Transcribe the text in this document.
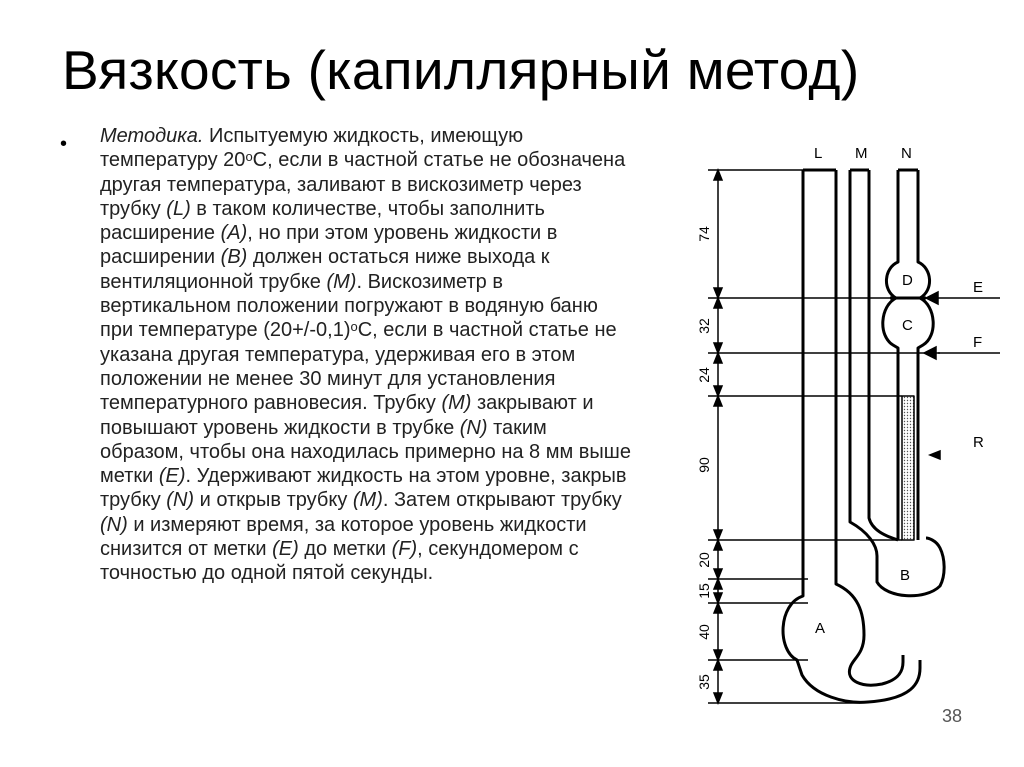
Вязкость (капиллярный метод)
• Методика. Испытуемую жидкость, имеющую температуру 20$^o$С, если в частной статье не обозначена другая температура, заливают в вискозиметр через трубку (L) в таком количестве, чтобы заполнить расширение (А), но при этом уровень жидкости в расширении (В) должен остаться ниже выхода к вентиляционной трубке (М). Вискозиметр в вертикальном положении погружают в водяную баню при температуре $(20+/-0,1)^oС$, если в частной статье не указана другая температура, удерживая его в этом положении не менее 30 минут для установления температурного равновесия. Трубку (М) закрывают и повышают уровень жидкости в трубке (N) таким образом, чтобы она находилась примерно на 8 мм выше метки (Е). Удерживают жидкость на этом уровне, закрыв трубку (N) и открыв трубку (М). Затем открывают трубку (N) и измеряют время, за которое уровень жидкости снизится от метки (Е) до метки (F), секундомером с точностью до одной пятой секунды.
L M N
D
C
B
A
E
F
R
74
32
24
90
20
15
40
35
38
